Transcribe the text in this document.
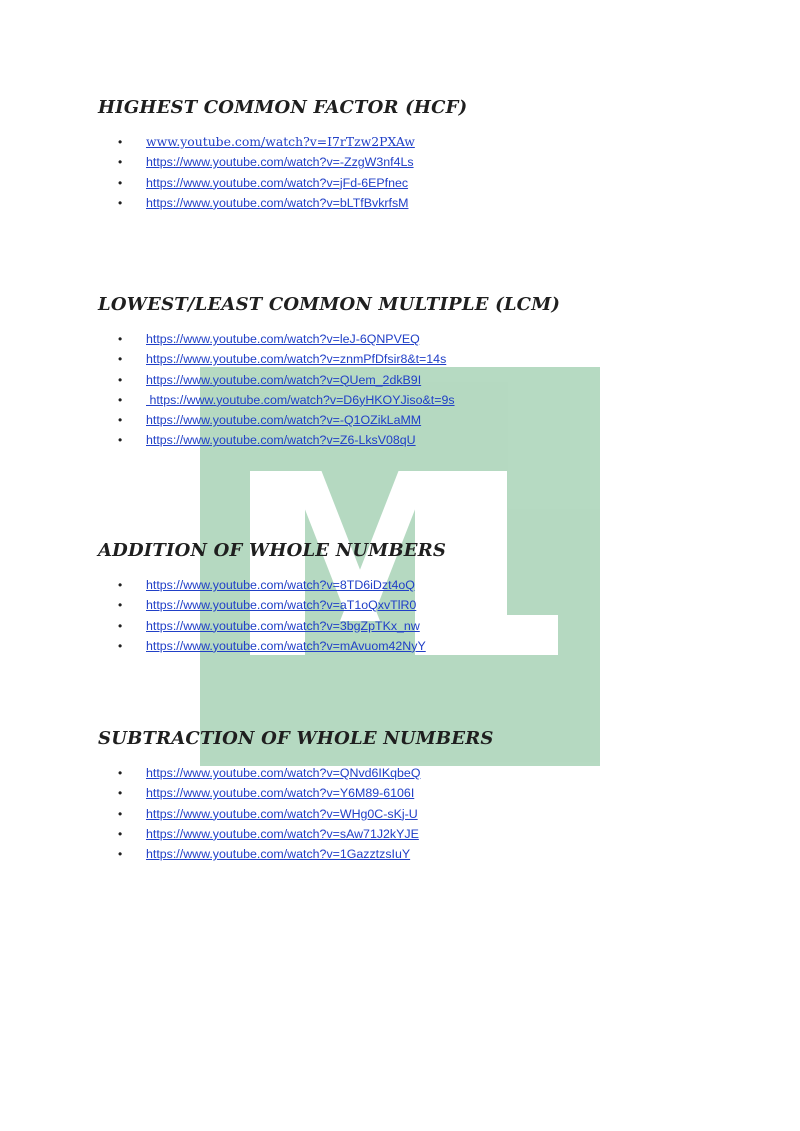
HIGHEST COMMON FACTOR (HCF)
• www.youtube.com/watch?v=I7rTzw2PXAw
• https://www.youtube.com/watch?v=-ZzgW3nf4Ls
• https://www.youtube.com/watch?v=jFd-6EPfnec
• https://www.youtube.com/watch?v=bLTfBvkrfsM
LOWEST/LEAST COMMON MULTIPLE (LCM)
• https://www.youtube.com/watch?v=leJ-6QNPVEQ
• https://www.youtube.com/watch?v=znmPfDfsir8&t=14s
• https://www.youtube.com/watch?v=QUem_2dkB9I
• https://www.youtube.com/watch?v=D6yHKOYJiso&t=9s
• https://www.youtube.com/watch?v=-Q1OZikLaMM
• https://www.youtube.com/watch?v=Z6-LksV08qU
ADDITION OF WHOLE NUMBERS
• https://www.youtube.com/watch?v=8TD6iDzt4oQ
• https://www.youtube.com/watch?v=aT1oQxvTlR0
• https://www.youtube.com/watch?v=3bgZpTKx_nw
• https://www.youtube.com/watch?v=mAvuom42NyY
SUBTRACTION OF WHOLE NUMBERS
• https://www.youtube.com/watch?v=QNvd6IKqbeQ
• https://www.youtube.com/watch?v=Y6M89-6106I
• https://www.youtube.com/watch?v=WHg0C-sKj-U
• https://www.youtube.com/watch?v=sAw71J2kYJE
• https://www.youtube.com/watch?v=1GazztzsIuY
